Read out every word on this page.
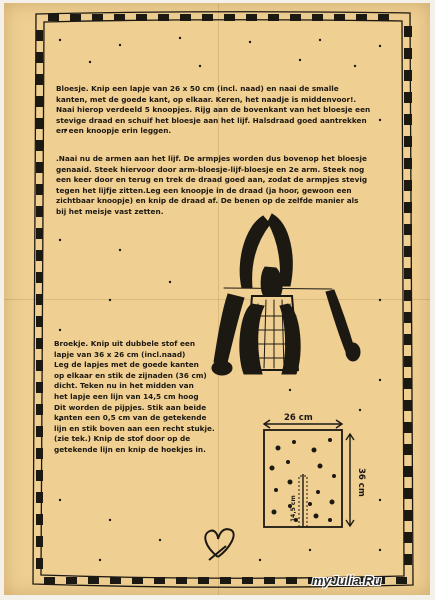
26 cm
36 cm
14,5 cm
Bloesje. Knip een lapje van 26 x 50 cm (incl. naad) en naai de smalle
kanten, met de goede kant, op elkaar. Keren, het naadje is middenvoor!.
Naai hierop verdeeld 5 knoopjes. Rijg aan de bovenkant van het bloesje een
stevige draad en schuif het bloesje aan het lijf. Halsdraad goed aantrekken
en een knoopje erin leggen.
.Naai nu de armen aan het lijf. De armpjes worden dus bovenop het bloesje
genaaid. Steek hiervoor door arm-bloesje-lijf-bloesje en 2e arm. Steek nog
een keer door en terug en trek de draad goed aan, zodat de armpjes stevig
tegen het lijfje zitten.Leg een knoopje in de draad (ja hoor, gewoon een
zichtbaar knoopje) en knip de draad af. De benen op de zelfde manier als
bij het meisje vast zetten.
Broekje. Knip uit dubbele stof een
lapje van 36 x 26 cm (incl.naad)
Leg de lapjes met de goede kanten
op elkaar en stik de zijnaden (36 cm)
dicht. Teken nu in het midden van
het lapje een lijn van 14,5 cm hoog
Dit worden de pijpjes. Stik aan beide
kanten een 0,5 cm van de getekende
lijn en stik boven aan een recht stukje.
(zie tek.) Knip de stof door op de
getekende lijn en knip de hoekjes in.
myJulia.Ru
